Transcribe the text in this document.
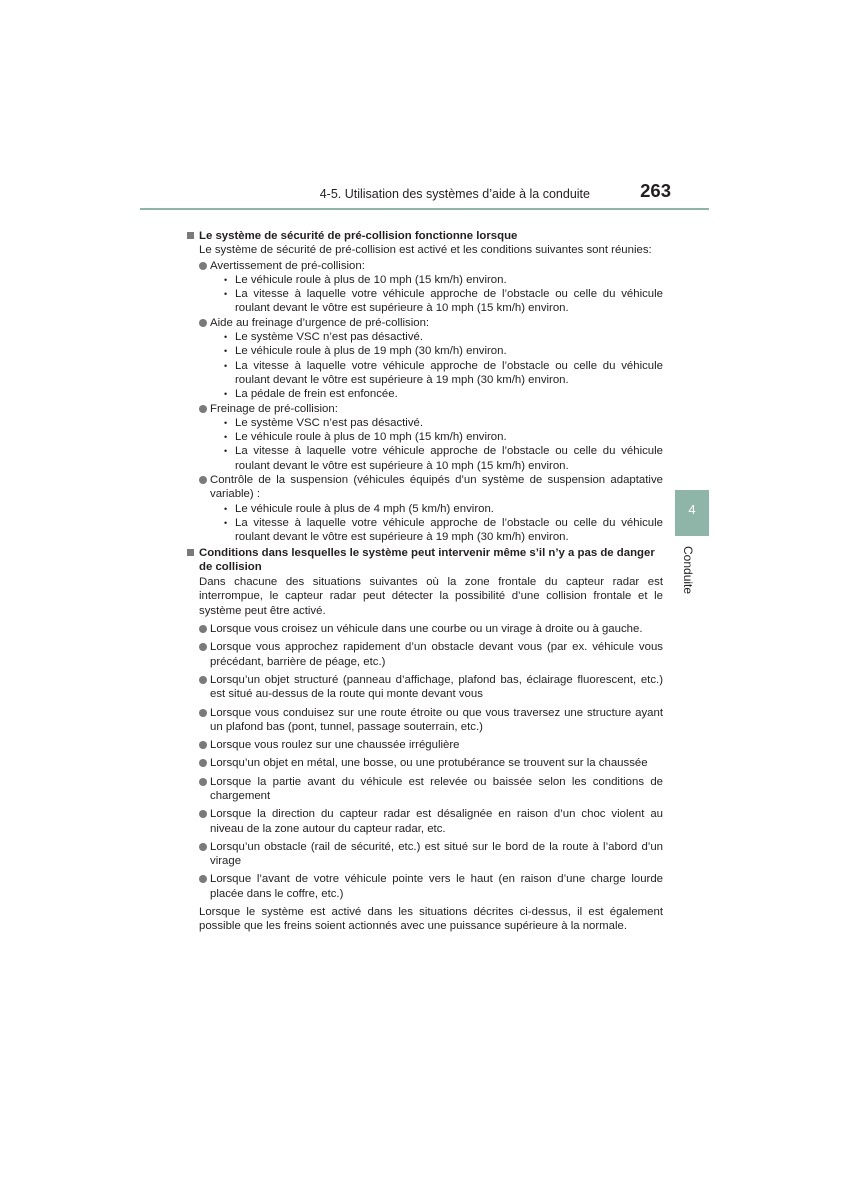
4-5. Utilisation des systèmes d’aide à la conduite	263
4
Conduite
Le système de sécurité de pré-collision fonctionne lorsque
Le système de sécurité de pré-collision est activé et les conditions suivantes sont réunies:
Avertissement de pré-collision:
• Le véhicule roule à plus de 10 mph (15 km/h) environ.
• La vitesse à laquelle votre véhicule approche de l’obstacle ou celle du véhicule roulant devant le vôtre est supérieure à 10 mph (15 km/h) environ.
Aide au freinage d’urgence de pré-collision:
• Le système VSC n’est pas désactivé.
• Le véhicule roule à plus de 19 mph (30 km/h) environ.
• La vitesse à laquelle votre véhicule approche de l’obstacle ou celle du véhicule roulant devant le vôtre est supérieure à 19 mph (30 km/h) environ.
• La pédale de frein est enfoncée.
Freinage de pré-collision:
• Le système VSC n’est pas désactivé.
• Le véhicule roule à plus de 10 mph (15 km/h) environ.
• La vitesse à laquelle votre véhicule approche de l’obstacle ou celle du véhicule roulant devant le vôtre est supérieure à 10 mph (15 km/h) environ.
Contrôle de la suspension (véhicules équipés d’un système de suspension adaptative variable) :
• Le véhicule roule à plus de 4 mph (5 km/h) environ.
• La vitesse à laquelle votre véhicule approche de l’obstacle ou celle du véhicule roulant devant le vôtre est supérieure à 19 mph (30 km/h) environ.
Conditions dans lesquelles le système peut intervenir même s’il n’y a pas de danger de collision
Dans chacune des situations suivantes où la zone frontale du capteur radar est interrompue, le capteur radar peut détecter la possibilité d’une collision frontale et le système peut être activé.
Lorsque vous croisez un véhicule dans une courbe ou un virage à droite ou à gauche.
Lorsque vous approchez rapidement d’un obstacle devant vous (par ex. véhicule vous précédant, barrière de péage, etc.)
Lorsqu’un objet structuré (panneau d’affichage, plafond bas, éclairage fluorescent, etc.) est situé au-dessus de la route qui monte devant vous
Lorsque vous conduisez sur une route étroite ou que vous traversez une structure ayant un plafond bas (pont, tunnel, passage souterrain, etc.)
Lorsque vous roulez sur une chaussée irrégulière
Lorsqu’un objet en métal, une bosse, ou une protubérance se trouvent sur la chaussée
Lorsque la partie avant du véhicule est relevée ou baissée selon les conditions de chargement
Lorsque la direction du capteur radar est désalignée en raison d’un choc violent au niveau de la zone autour du capteur radar, etc.
Lorsqu’un obstacle (rail de sécurité, etc.) est situé sur le bord de la route à l’abord d’un virage
Lorsque l’avant de votre véhicule pointe vers le haut (en raison d’une charge lourde placée dans le coffre, etc.)
Lorsque le système est activé dans les situations décrites ci-dessus, il est également possible que les freins soient actionnés avec une puissance supérieure à la normale.
